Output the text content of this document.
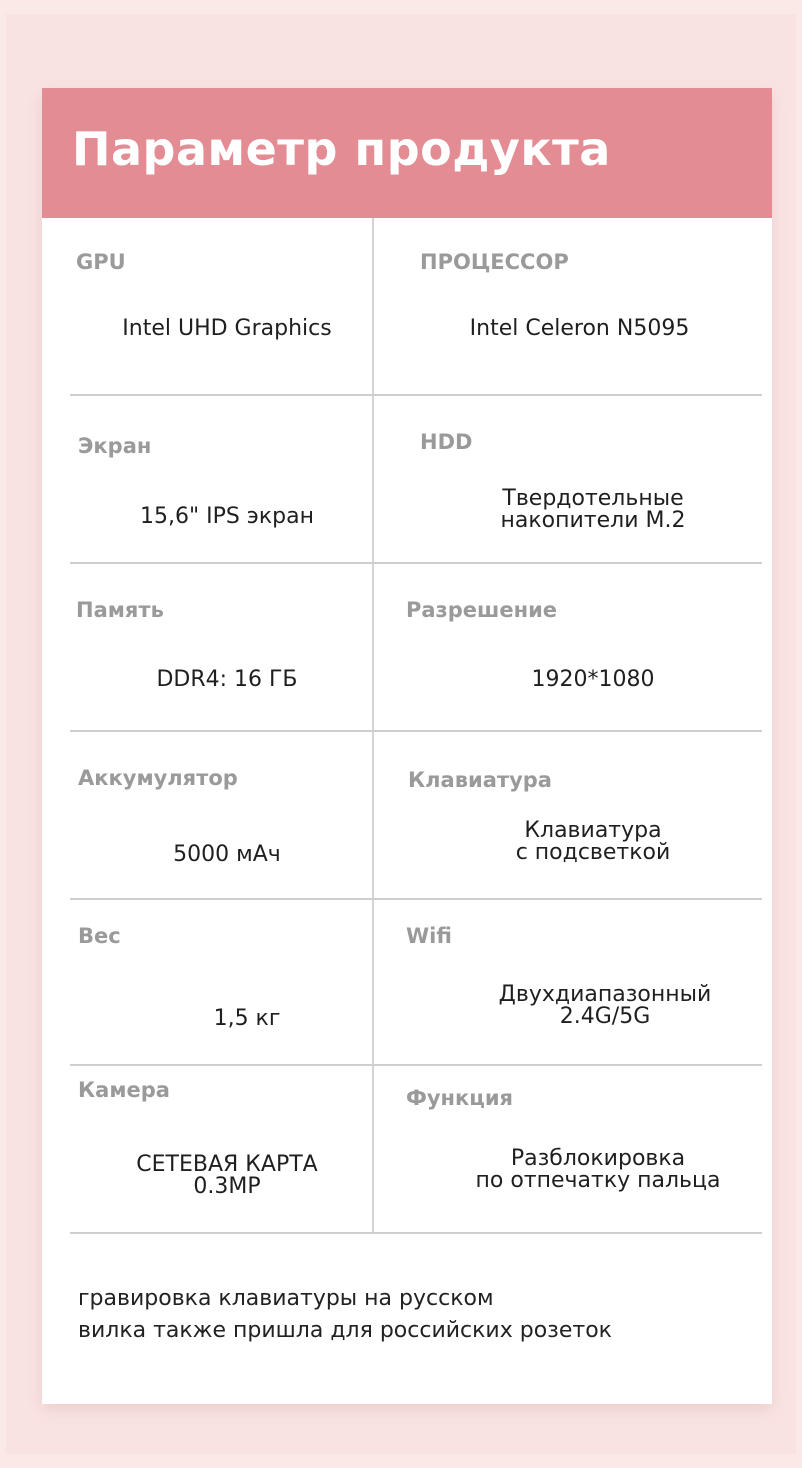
Параметр продукта
GPU
Intel UHD Graphics
ПРОЦЕССОР
Intel Celeron N5095
Экран
15,6" IPS экран
HDD
Твердотельные
накопители M.2
Память
DDR4: 16 ГБ
Разрешение
1920*1080
Аккумулятор
5000 мАч
Клавиатура
Клавиатура
с подсветкой
Вес
1,5 кг
Wifi
Двухдиапазонный
2.4G/5G
Камера
СЕТЕВАЯ КАРТА
0.3MP
Функция
Разблокировка
по отпечатку пальца
гравировка клавиатуры на русском
вилка также пришла для российских розеток
